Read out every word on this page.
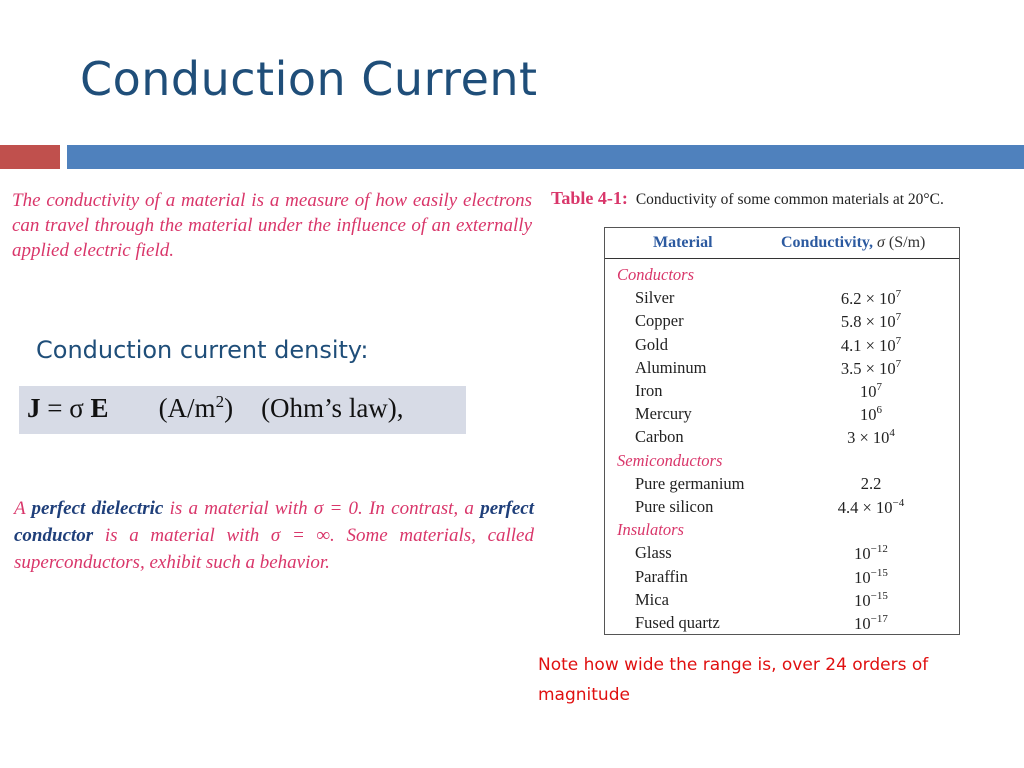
Conduction Current
The conductivity of a material is a measure of how easily electrons can travel through the material under the influence of an externally applied electric field.
Conduction current density:
J = σ E $(A/m^2)$ (Ohm’s law),
A perfect dielectric is a material with σ = 0. In contrast, a perfect conductor is a material with σ = ∞. Some materials, called superconductors, exhibit such a behavior.
Table 4-1: Conductivity of some common materials at 20°C.
Material	Conductivity, σ (S/m)
Conductors
Silver	$6.2 \times 10^7$
Copper	$5.8 \times 10^7$
Gold	$4.1 \times 10^7$
Aluminum	$3.5 \times 10^7$
Iron	$10^7$
Mercury	$10^6$
Carbon	$3 \times 10^4$
Semiconductors
Pure germanium	2.2
Pure silicon	$4.4 \times 10^{-4}$
Insulators
Glass	$10^{-12}$
Paraffin	$10^{-15}$
Mica	$10^{-15}$
Fused quartz	$10^{-17}$
Note how wide the range is, over 24 orders of magnitude
